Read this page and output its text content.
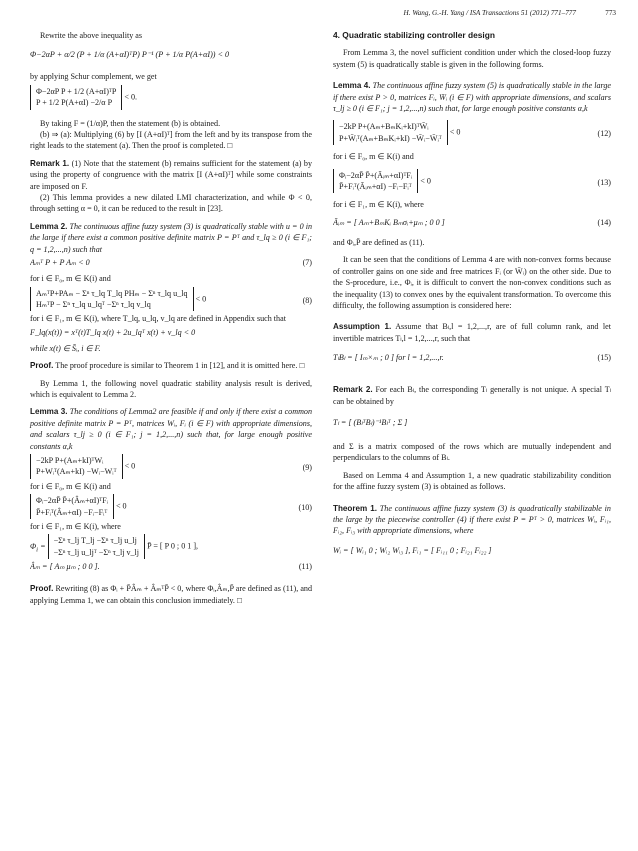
H. Wang, G.-H. Yang / ISA Transactions 51 (2012) 771–777	773

Rewrite the above inequality as

Φ−2αP + α/2 (P + 1/α (A+αI)ᵀP) P⁻¹ (P + 1/α P(A+αI)) < 0

by applying Schur complement, we get

Φ−2αP P + 1/2 (A+αI)ᵀP
P + 1/2 P(A+αI) −2/α P
< 0.

By taking F = (1/α)P, then the statement (b) is obtained.

(b) ⇒ (a): Multiplying (6) by [I (A+αI)ᵀ] from the left and by its transpose from the right leads to the statement (a). Then the proof is completed. □

Remark 1. (1) Note that the statement (b) remains sufficient for the statement (a) by using the property of congruence with the matrix [I (A+αI)ᵀ] while some constraints are imposed on F.

(2) This lemma provides a new dilated LMI characterization, and while Φ < 0, through setting α = 0, it can be reduced to the result in [23].

Lemma 2. The continuous affine fuzzy system (3) is quadratically stable with u = 0 in the large if there exist a common positive definite matrix P = Pᵀ and τ_lq ≥ 0 (i ∈ F₁; q = 1,2,...,n) such that

Aₘᵀ P + P Aₘ < 0	(7)

for i ∈ F₀, m ∈ K(i) and

AₘᵀP+PAₘ − Σⁿ τ_lq T_lq PHₘ − Σⁿ τ_lq u_lq
HₘᵀP − Σⁿ τ_lq u_lqᵀ −Σⁿ τ_lq v_lq
< 0	(8)

for i ∈ F₁, m ∈ K(i), where T_lq, u_lq, v_lq are defined in Appendix such that

F_lq(x(t)) = xᵀ(t)T_lq x(t) + 2u_lqᵀ x(t) + v_lq < 0

while x(t) ∈ S̄ᵢ, i ∈ F.

Proof. The proof procedure is similar to Theorem 1 in [12], and it is omitted here. □

By Lemma 1, the following novel quadratic stability analysis result is derived, which is equivalent to Lemma 2.

Lemma 3. The conditions of Lemma2 are feasible if and only if there exist a common positive definite matrix P = Pᵀ, matrices Wᵢ, Fᵢ (i ∈ F) with appropriate dimensions, and scalars τ_lj ≥ 0 (i ∈ F₁; j = 1,2,...,n) such that, for large enough positive constants α,k

−2kP P+(Aₘ+kI)ᵀWᵢ
P+Wᵢᵀ(Aₘ+kI) −Wᵢ−Wᵢᵀ
< 0	(9)

for i ∈ F₀, m ∈ K(i) and

Φᵢ−2αP̄ P̄+(Âₘ+αI)ᵀFᵢ
P̄+Fᵢᵀ(Âₘ+αI) −Fᵢ−Fᵢᵀ
< 0	(10)

for i ∈ F₁, m ∈ K(i), where

$\Phi_i$ =
−Σⁿ τ_lj T_lj −Σⁿ τ_lj u_lj
−Σⁿ τ_lj u_ljᵀ −Σⁿ τ_lj v_lj
P̄ = [ P 0 ; 0 1 ],
Âₘ = [ Aₘ μₘ ; 0 0 ].	(11)

Proof. Rewriting (8) as Φᵢ + P̄Âₘ + ÂₘᵀP̄ < 0, where Φᵢ,Âₘ,P̄ are defined as (11), and applying Lemma 1, we can obtain this conclusion immediately. □

4. Quadratic stabilizing controller design

From Lemma 3, the novel sufficient condition under which the closed-loop fuzzy system (5) is quadratically stable is given in the following forms.

Lemma 4. The continuous affine fuzzy system (5) is quadratically stable in the large if there exist P > 0, matrices Fᵢ, W̄ᵢ (i ∈ F) with appropriate dimensions, and scalars τ_lj ≥ 0 (i ∈ F₁; j = 1,2,...,n) such that, for large enough positive constants α,k

−2kP P+(Aₘ+BₘKᵢ+kI)ᵀW̄ᵢ
P+W̄ᵢᵀ(Aₘ+BₘKᵢ+kI) −W̄ᵢ−W̄ᵢᵀ
< 0	(12)

for i ∈ F₀, m ∈ K(i) and

Φᵢ−2αP̄ P̄+(Āᵢₘ+αI)ᵀFᵢ
P̄+Fᵢᵀ(Āᵢₘ+αI) −Fᵢ−Fᵢᵀ
< 0	(13)

for i ∈ F₁, m ∈ K(i), where

Āᵢₘ = [ Aₘ+BₘKᵢ Bₘσᵢ+μₘ ; 0 0 ]	(14)

and Φᵢ,P̄ are defined as (11).

It can be seen that the conditions of Lemma 4 are with non-convex forms because of controller gains on one side and free matrices Fᵢ (or W̄ᵢ) on the other side. Due to the S-procedure, i.e., Φᵢ, it is difficult to convert the non-convex conditions such as the inequality (13) to convex ones by the equivalent transformation. To overcome this difficulty, the following assumption is considered here:

Assumption 1. Assume that Bₗ,l = 1,2,...,r, are of full column rank, and let invertible matrices Tₗ,l = 1,2,...,r, such that

TₗBₗ = [ Iₘ×ₘ ; 0 ] for l = 1,2,...,r.	(15)

Remark 2. For each Bₗ, the corresponding Tₗ generally is not unique. A special Tₗ can be obtained by

Tₗ = [ (BₗᵀBₗ)⁻¹Bₗᵀ ; Σ ]

and Σ is a matrix composed of the rows which are mutually independent and perpendiculars to the columns of Bₗ.

Based on Lemma 4 and Assumption 1, a new quadratic stabilizability condition for the affine fuzzy system (3) is obtained as follows.

Theorem 1. The continuous affine fuzzy system (3) is quadratically stabilizable in the large by the piecewise controller (4) if there exist P = Pᵀ > 0, matrices Wᵢ, Fᵢ₁, Fᵢ₂, Fᵢ₃ with appropriate dimensions, where

Wᵢ = [ Wᵢ₁ 0 ; Wᵢ₂ Wᵢ₃ ], Fᵢ₁ = [ Fᵢ₁₁ 0 ; Fᵢ₂₁ Fᵢ₂₂ ]
